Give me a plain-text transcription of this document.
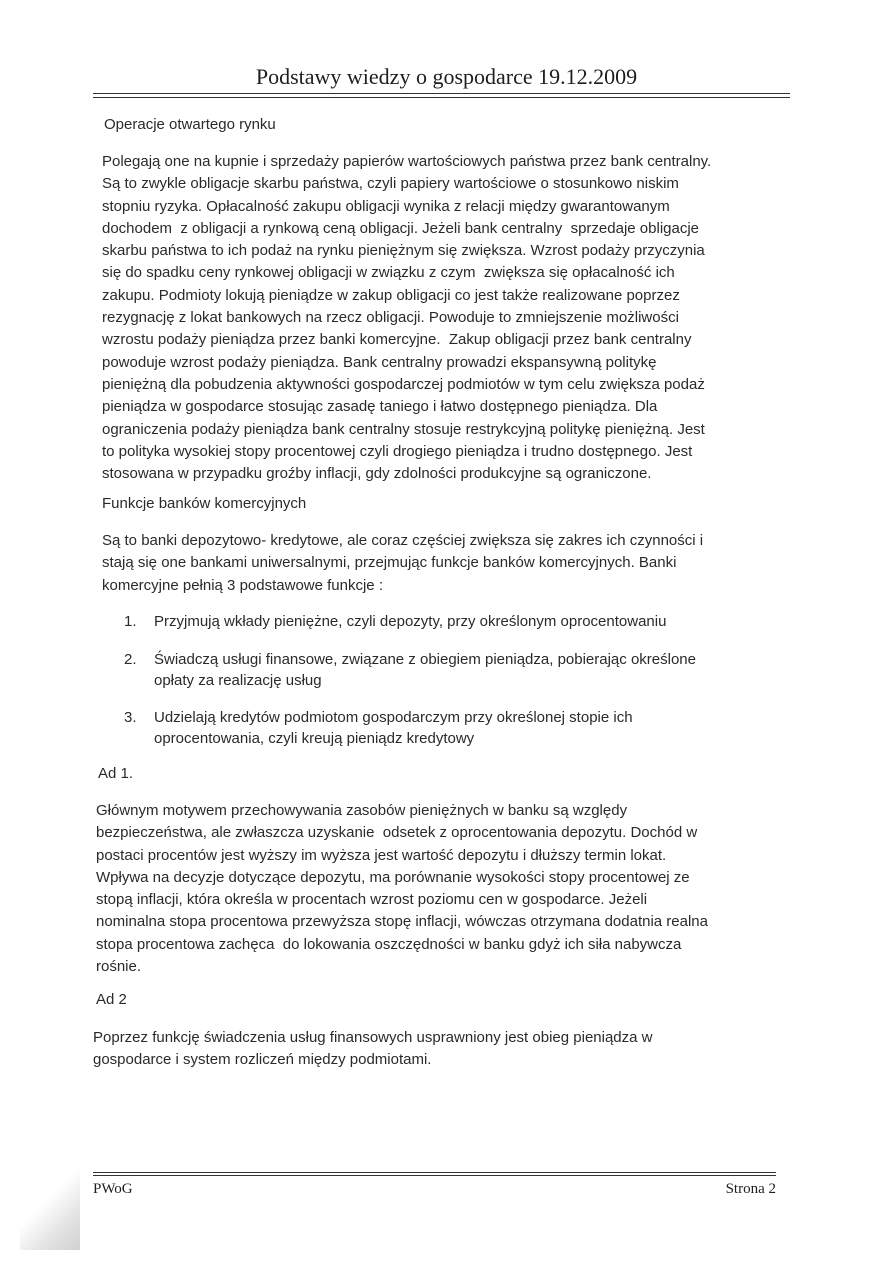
Podstawy wiedzy o gospodarce 19.12.2009
Operacje otwartego rynku
Polegają one na kupnie i sprzedaży papierów wartościowych państwa przez bank centralny.
Są to zwykle obligacje skarbu państwa, czyli papiery wartościowe o stosunkowo niskim
stopniu ryzyka. Opłacalność zakupu obligacji wynika z relacji między gwarantowanym
dochodem  z obligacji a rynkową ceną obligacji. Jeżeli bank centralny  sprzedaje obligacje
skarbu państwa to ich podaż na rynku pieniężnym się zwiększa. Wzrost podaży przyczynia
się do spadku ceny rynkowej obligacji w związku z czym  zwiększa się opłacalność ich
zakupu. Podmioty lokują pieniądze w zakup obligacji co jest także realizowane poprzez
rezygnację z lokat bankowych na rzecz obligacji. Powoduje to zmniejszenie możliwości
wzrostu podaży pieniądza przez banki komercyjne.  Zakup obligacji przez bank centralny
powoduje wzrost podaży pieniądza. Bank centralny prowadzi ekspansywną politykę
pieniężną dla pobudzenia aktywności gospodarczej podmiotów w tym celu zwiększa podaż
pieniądza w gospodarce stosując zasadę taniego i łatwo dostępnego pieniądza. Dla
ograniczenia podaży pieniądza bank centralny stosuje restrykcyjną politykę pieniężną. Jest
to polityka wysokiej stopy procentowej czyli drogiego pieniądza i trudno dostępnego. Jest
stosowana w przypadku groźby inflacji, gdy zdolności produkcyjne są ograniczone.
Funkcje banków komercyjnych
Są to banki depozytowo- kredytowe, ale coraz częściej zwiększa się zakres ich czynności i
stają się one bankami uniwersalnymi, przejmując funkcje banków komercyjnych. Banki
komercyjne pełnią 3 podstawowe funkcje :
1. Przyjmują wkłady pieniężne, czyli depozyty, przy określonym oprocentowaniu
2. Świadczą usługi finansowe, związane z obiegiem pieniądza, pobierając określone
opłaty za realizację usług
3. Udzielają kredytów podmiotom gospodarczym przy określonej stopie ich
oprocentowania, czyli kreują pieniądz kredytowy
Ad 1.
Głównym motywem przechowywania zasobów pieniężnych w banku są względy
bezpieczeństwa, ale zwłaszcza uzyskanie  odsetek z oprocentowania depozytu. Dochód w
postaci procentów jest wyższy im wyższa jest wartość depozytu i dłuższy termin lokat.
Wpływa na decyzje dotyczące depozytu, ma porównanie wysokości stopy procentowej ze
stopą inflacji, która określa w procentach wzrost poziomu cen w gospodarce. Jeżeli
nominalna stopa procentowa przewyższa stopę inflacji, wówczas otrzymana dodatnia realna
stopa procentowa zachęca  do lokowania oszczędności w banku gdyż ich siła nabywcza
rośnie.
Ad 2
Poprzez funkcję świadczenia usług finansowych usprawniony jest obieg pieniądza w
gospodarce i system rozliczeń między podmiotami.
PWoG	Strona 2
